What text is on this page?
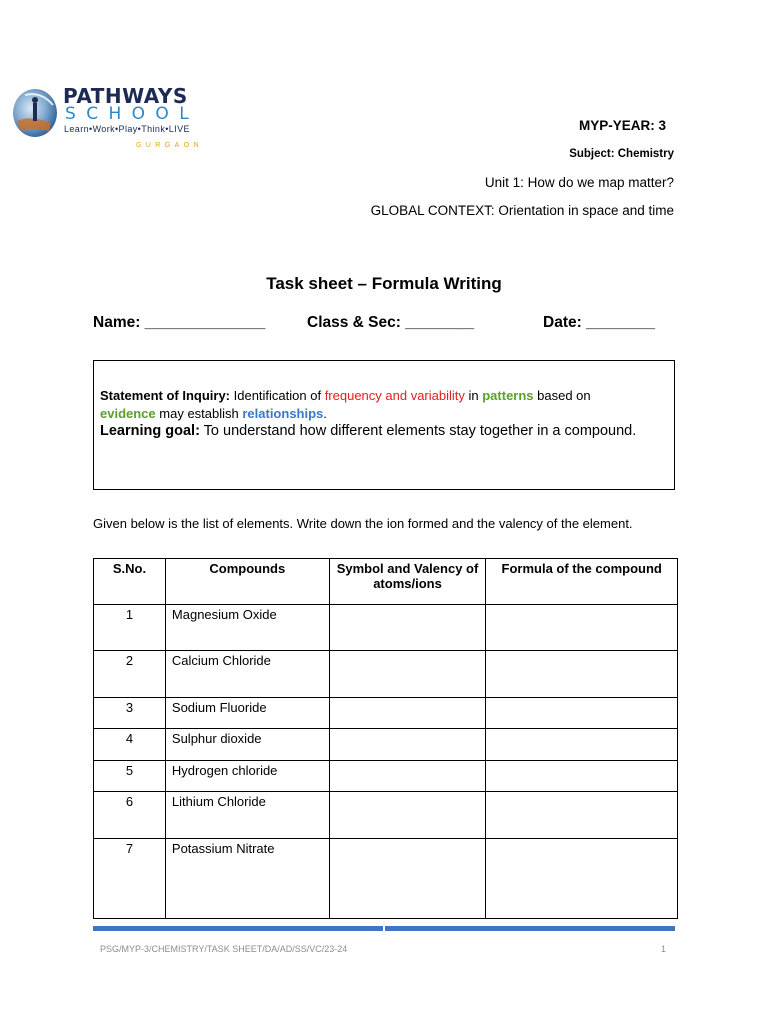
PATHWAYS
SCHOOL
Learn•Work•Play•Think•LIVE
GURGAON
MYP-YEAR: 3
Subject: Chemistry
Unit 1: How do we map matter?
GLOBAL CONTEXT: Orientation in space and time
Task sheet – Formula Writing
Name: ______________	Class & Sec: ________	Date: ________
Statement of Inquiry: Identification of frequency and variability in patterns based on
evidence may establish relationships.
Learning goal: To understand how different elements stay together in a compound.
Given below is the list of elements. Write down the ion formed and the valency of the element.
S.No.	Compounds	Symbol and Valency of atoms/ions	Formula of the compound
1	Magnesium Oxide		
2	Calcium Chloride		
3	Sodium Fluoride		
4	Sulphur dioxide		
5	Hydrogen chloride		
6	Lithium Chloride		
7	Potassium Nitrate		
PSG/MYP-3/CHEMISTRY/TASK SHEET/DA/AD/SS/VC/23-24	1
